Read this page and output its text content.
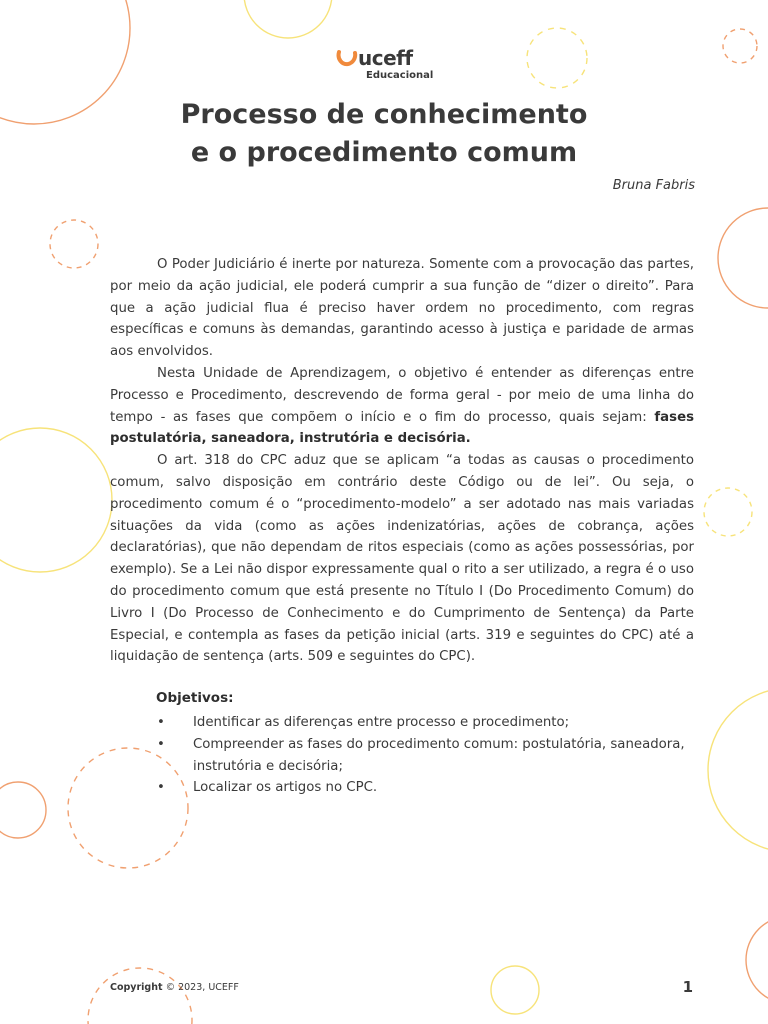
uceff
Educacional
Processo de conhecimento
e o procedimento comum
Bruna Fabris

O Poder Judiciário é inerte por natureza. Somente com a provocação das partes, por meio da ação judicial, ele poderá cumprir a sua função de “dizer o direito”. Para que a ação judicial flua é preciso haver ordem no procedimento, com regras específicas e comuns às demandas, garantindo acesso à justiça e paridade de armas aos envolvidos.

Nesta Unidade de Aprendizagem, o objetivo é entender as diferenças entre Processo e Procedimento, descrevendo de forma geral - por meio de uma linha do tempo - as fases que compõem o início e o fim do processo, quais sejam: fases postulatória, saneadora, instrutória e decisória.

O art. 318 do CPC aduz que se aplicam “a todas as causas o procedimento comum, salvo disposição em contrário deste Código ou de lei”. Ou seja, o procedimento comum é o “procedimento-modelo” a ser adotado nas mais variadas situações da vida (como as ações indenizatórias, ações de cobrança, ações declaratórias), que não dependam de ritos especiais (como as ações possessórias, por exemplo). Se a Lei não dispor expressamente qual o rito a ser utilizado, a regra é o uso do procedimento comum que está presente no Título I (Do Procedimento Comum) do Livro I (Do Processo de Conhecimento e do Cumprimento de Sentença) da Parte Especial, e contempla as fases da petição inicial (arts. 319 e seguintes do CPC) até a liquidação de sentença (arts. 509 e seguintes do CPC).

Objetivos:
• Identificar as diferenças entre processo e procedimento;
• Compreender as fases do procedimento comum: postulatória, saneadora, instrutória e decisória;
• Localizar os artigos no CPC.
Copyright © 2023, UCEFF	1
